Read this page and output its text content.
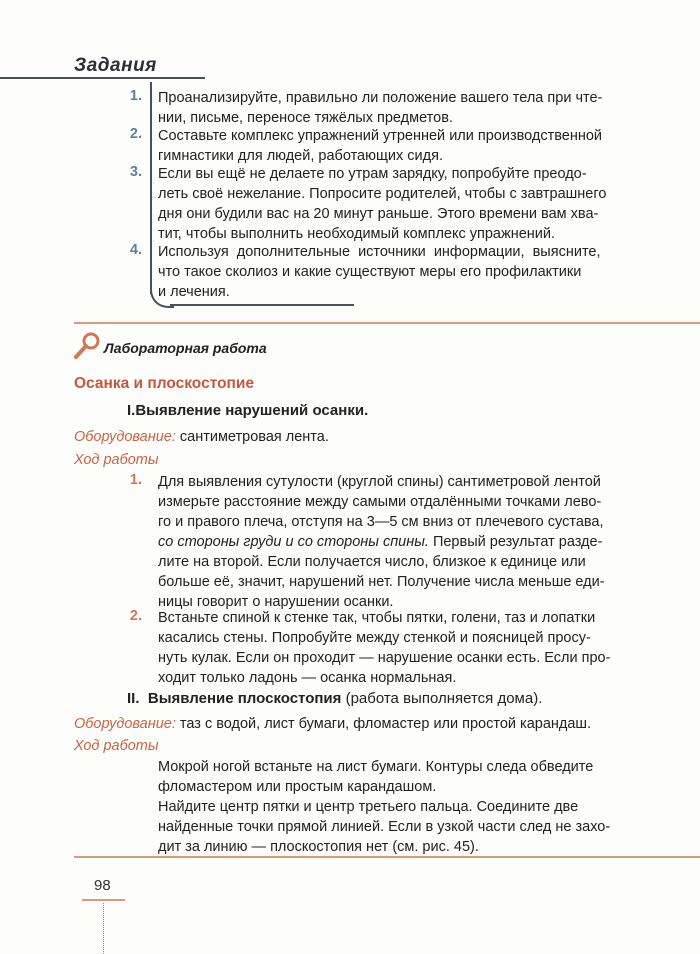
Задания
1. Проанализируйте, правильно ли положение вашего тела при чте-
нии, письме, переносе тяжёлых предметов.
2. Составьте комплекс упражнений утренней или производственной
гимнастики для людей, работающих сидя.
3. Если вы ещё не делаете по утрам зарядку, попробуйте преодо-
леть своё нежелание. Попросите родителей, чтобы с завтрашнего
дня они будили вас на 20 минут раньше. Этого времени вам хва-
тит, чтобы выполнить необходимый комплекс упражнений.
4. Используя  дополнительные  источники  информации,  выясните,
что такое сколиоз и какие существуют меры его профилактики
и лечения.
Лабораторная работа
Осанка и плоскостопие
I.Выявление нарушений осанки.
Оборудование: сантиметровая лента.
Ход работы
1. Для выявления сутулости (круглой спины) сантиметровой лентой
измерьте расстояние между самыми отдалёнными точками лево-
го и правого плеча, отступя на 3—5 см вниз от плечевого сустава,
со стороны груди и со стороны спины. Первый результат разде-
лите на второй. Если получается число, близкое к единице или
больше её, значит, нарушений нет. Получение числа меньше еди-
ницы говорит о нарушении осанки.
2. Встаньте спиной к стенке так, чтобы пятки, голени, таз и лопатки
касались стены. Попробуйте между стенкой и поясницей просу-
нуть кулак. Если он проходит — нарушение осанки есть. Если про-
ходит только ладонь — осанка нормальная.
II. Выявление плоскостопия (работа выполняется дома).
Оборудование: таз с водой, лист бумаги, фломастер или простой карандаш.
Ход работы
Мокрой ногой встаньте на лист бумаги. Контуры следа обведите
фломастером или простым карандашом.
Найдите центр пятки и центр третьего пальца. Соедините две
найденные точки прямой линией. Если в узкой части след не захо-
дит за линию — плоскостопия нет (см. рис. 45).
98
